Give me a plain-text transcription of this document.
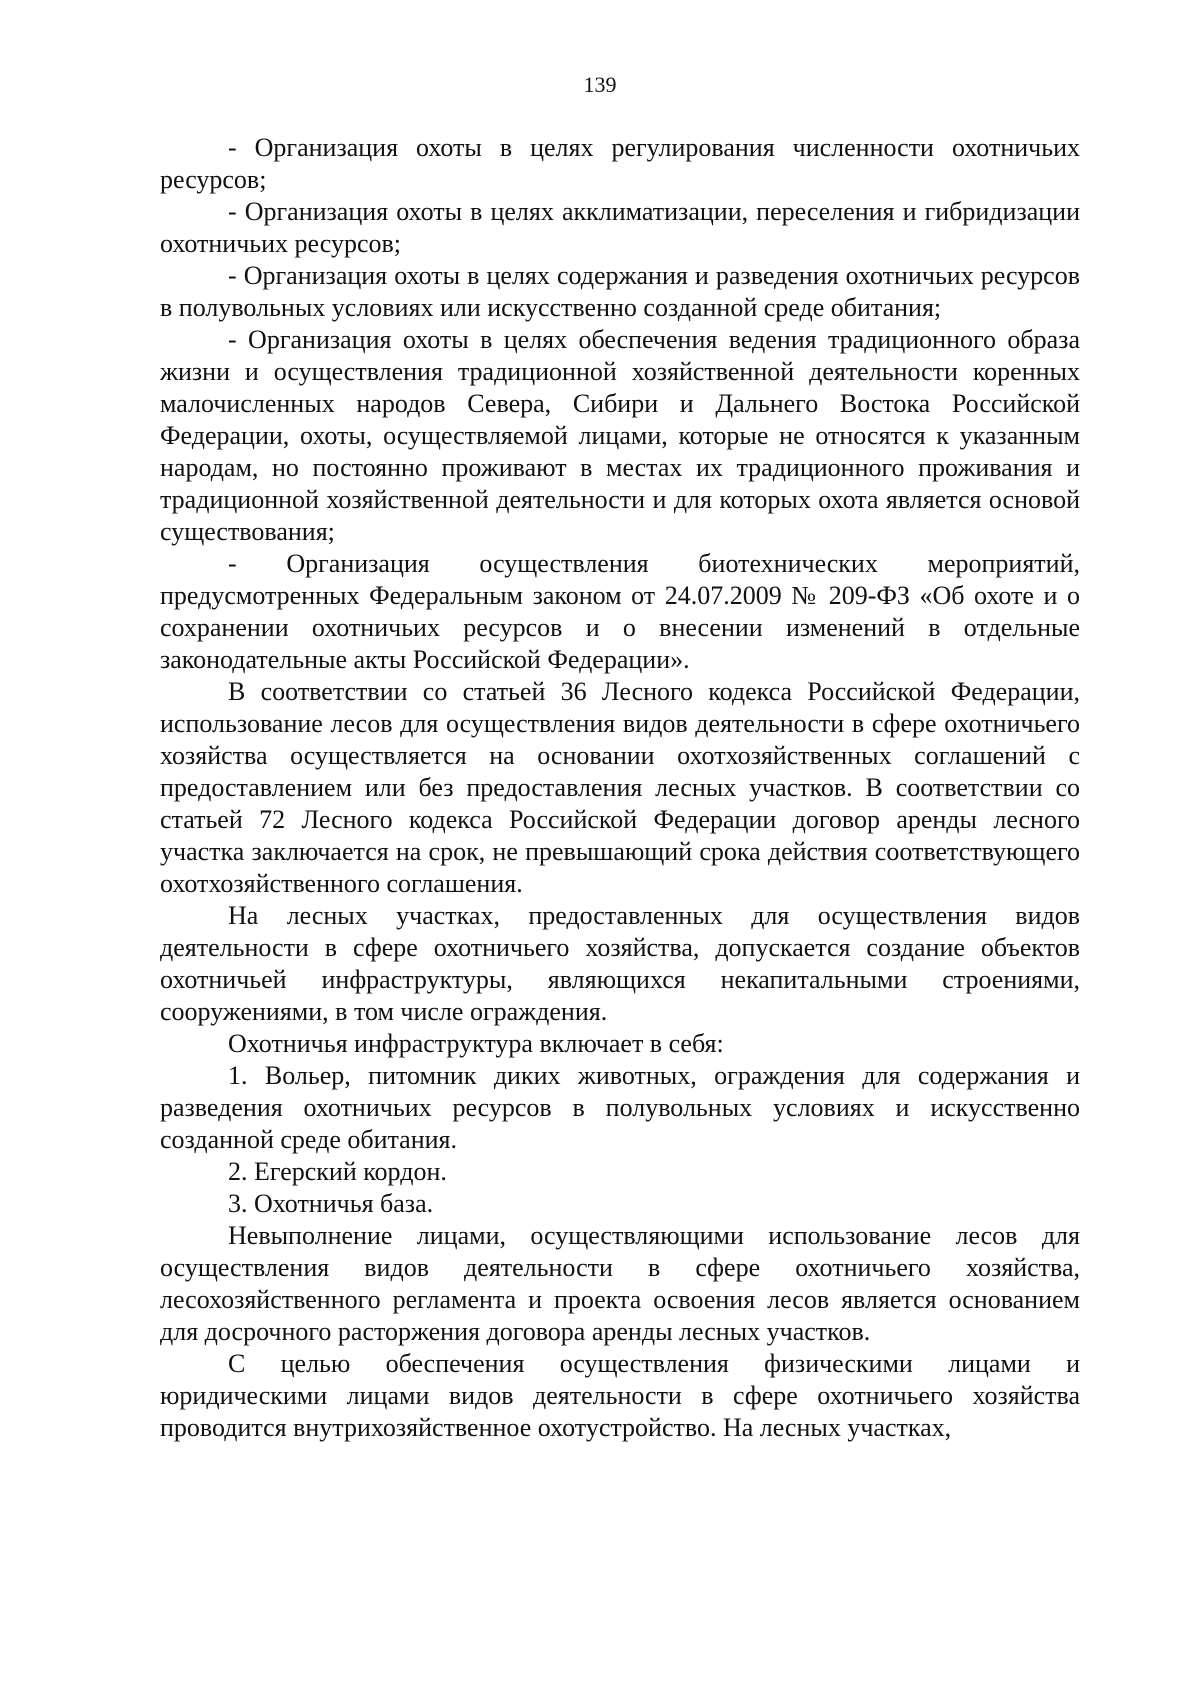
139

- Организация охоты в целях регулирования численности охотничьих ресурсов;

- Организация охоты в целях акклиматизации, переселения и гибридизации охотничьих ресурсов;

- Организация охоты в целях содержания и разведения охотничьих ресурсов в полувольных условиях или искусственно созданной среде обитания;

- Организация охоты в целях обеспечения ведения традиционного образа жизни и осуществления традиционной хозяйственной деятельности коренных малочисленных народов Севера, Сибири и Дальнего Востока Российской Федерации, охоты, осуществляемой лицами, которые не относятся к указанным народам, но постоянно проживают в местах их традиционного проживания и традиционной хозяйственной деятельности и для которых охота является основой существования;

- Организация осуществления биотехнических мероприятий, предусмотренных Федеральным законом от 24.07.2009 № 209-ФЗ «Об охоте и о сохранении охотничьих ресурсов и о внесении изменений в отдельные законодательные акты Российской Федерации».

В соответствии со статьей 36 Лесного кодекса Российской Федерации, использование лесов для осуществления видов деятельности в сфере охотничьего хозяйства осуществляется на основании охотхозяйственных соглашений с предоставлением или без предоставления лесных участков. В соответствии со статьей 72 Лесного кодекса Российской Федерации договор аренды лесного участка заключается на срок, не превышающий срока действия соответствующего охотхозяйственного соглашения.

На лесных участках, предоставленных для осуществления видов деятельности в сфере охотничьего хозяйства, допускается создание объектов охотничьей инфраструктуры, являющихся некапитальными строениями, сооружениями, в том числе ограждения.

Охотничья инфраструктура включает в себя:

1. Вольер, питомник диких животных, ограждения для содержания и разведения охотничьих ресурсов в полувольных условиях и искусственно созданной среде обитания.

2. Егерский кордон.

3. Охотничья база.

Невыполнение лицами, осуществляющими использование лесов для осуществления видов деятельности в сфере охотничьего хозяйства, лесохозяйственного регламента и проекта освоения лесов является основанием для досрочного расторжения договора аренды лесных участков.

С целью обеспечения осуществления физическими лицами и юридическими лицами видов деятельности в сфере охотничьего хозяйства проводится внутрихозяйственное охотустройство. На лесных участках,
